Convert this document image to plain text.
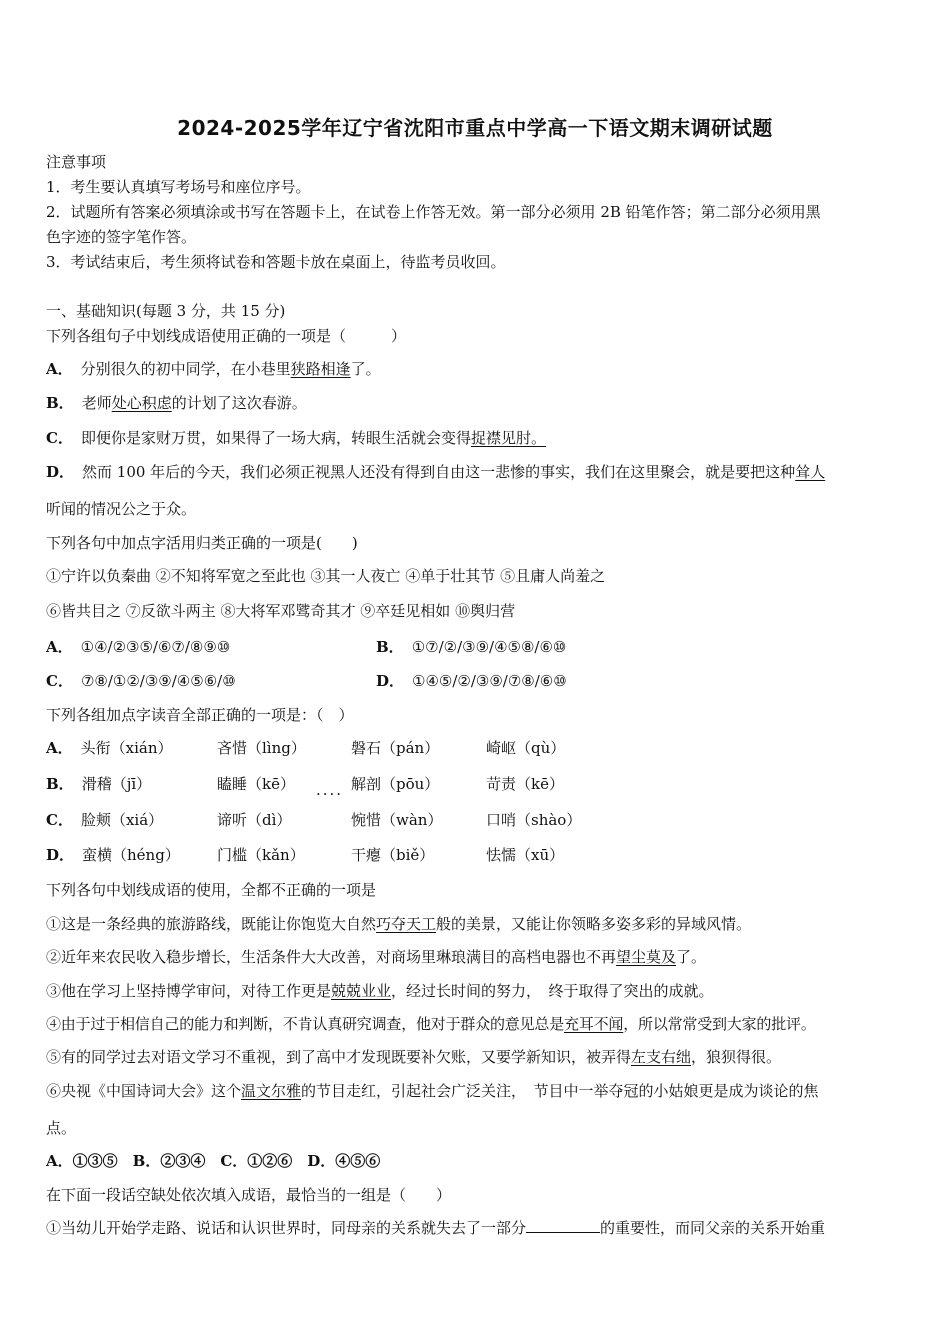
2024-2025学年辽宁省沈阳市重点中学高一下语文期末调研试题
注意事项
1．考生要认真填写考场号和座位序号。
2．试题所有答案必须填涂或书写在答题卡上，在试卷上作答无效。第一部分必须用 2B 铅笔作答；第二部分必须用黑
色字迹的签字笔作答。
3．考试结束后，考生须将试卷和答题卡放在桌面上，待监考员收回。
一、基础知识(每题 3 分，共 15 分)
下列各组句子中划线成语使用正确的一项是（　　　）
A． 分别很久的初中同学，在小巷里狭路相逢了。
B． 老师处心积虑的计划了这次春游。
C． 即便你是家财万贯，如果得了一场大病，转眼生活就会变得捉襟见肘。
D． 然而 100 年后的今天，我们必须正视黑人还没有得到自由这一悲惨的事实，我们在这里聚会，就是要把这种耸人
听闻的情况公之于众。
下列各句中加点字活用归类正确的一项是(　　)
①宁许以负秦曲 ②不知将军宽之至此也 ③其一人夜亡 ④单于壮其节 ⑤且庸人尚羞之
⑥皆共目之 ⑦反欲斗两主 ⑧大将军邓骘奇其才 ⑨卒廷见相如 ⑩舆归营
A． ①④/②③⑤/⑥⑦/⑧⑨⑩	B． ①⑦/②/③⑨/④⑤⑧/⑥⑩
C． ⑦⑧/①②/③⑨/④⑤⑥/⑩	D． ①④⑤/②/③⑨/⑦⑧/⑥⑩
下列各组加点字读音全部正确的一项是：（　）
A． 头衔（xián）	吝惜（lìng）	磐石（pán）	崎岖（qù）
B． 滑稽（jī）	瞌睡（kē） .... 解剖（pōu）	苛责（kē）
C． 脸颊（xiá）	谛听（dì）	惋惜（wàn）	口哨（shào）
D． 蛮横（héng） 门槛（kǎn）	干瘪（biě）	怯懦（xū）
下列各句中划线成语的使用，全都不正确的一项是
①这是一条经典的旅游路线，既能让你饱览大自然巧夺天工般的美景，又能让你领略多姿多彩的异域风情。
②近年来农民收入稳步增长，生活条件大大改善，对商场里琳琅满目的高档电器也不再望尘莫及了。
③他在学习上坚持博学审问，对待工作更是兢兢业业，经过长时间的努力，　终于取得了突出的成就。
④由于过于相信自己的能力和判断，不肯认真研究调查，他对于群众的意见总是充耳不闻，所以常常受到大家的批评。
⑤有的同学过去对语文学习不重视，到了高中才发现既要补欠账，又要学新知识，被弄得左支右绌，狼狈得很。
⑥央视《中国诗词大会》这个温文尔雅的节目走红，引起社会广泛关注，　节目中一举夺冠的小姑娘更是成为谈论的焦
点。
A．①③⑤　B．②③④　C．①②⑥　D．④⑤⑥
在下面一段话空缺处依次填入成语，最恰当的一组是（　　）
①当幼儿开始学走路、说话和认识世界时，同母亲的关系就失去了一部分	的重要性，而同父亲的关系开始重
